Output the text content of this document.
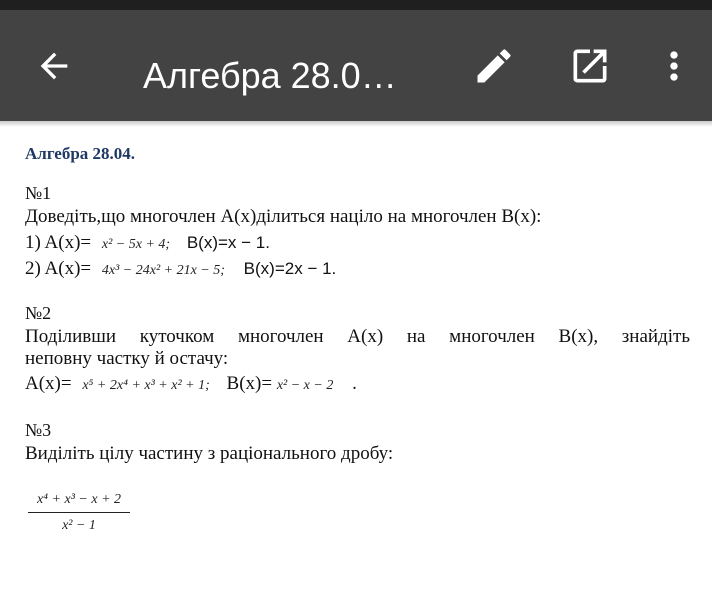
Алгебра 28.0…
Алгебра 28.04.
№1
Доведіть,що многочлен A(x)ділиться націло на многочлен B(x):
1) A(x)= x² − 5x + 4; B(x)=x − 1.
2) A(x)= 4x³ − 24x² + 21x − 5; B(x)=2x − 1.
№2
Поділивши куточком многочлен A(x) на многочлен B(x), знайдіть
неповну частку й остачу:
A(x)= x⁵ + 2x⁴ + x³ + x² + 1; B(x)= x² − x − 2 .
№3
Виділіть цілу частину з раціонального дробу:
x⁴ + x³ − x + 2
x² − 1
